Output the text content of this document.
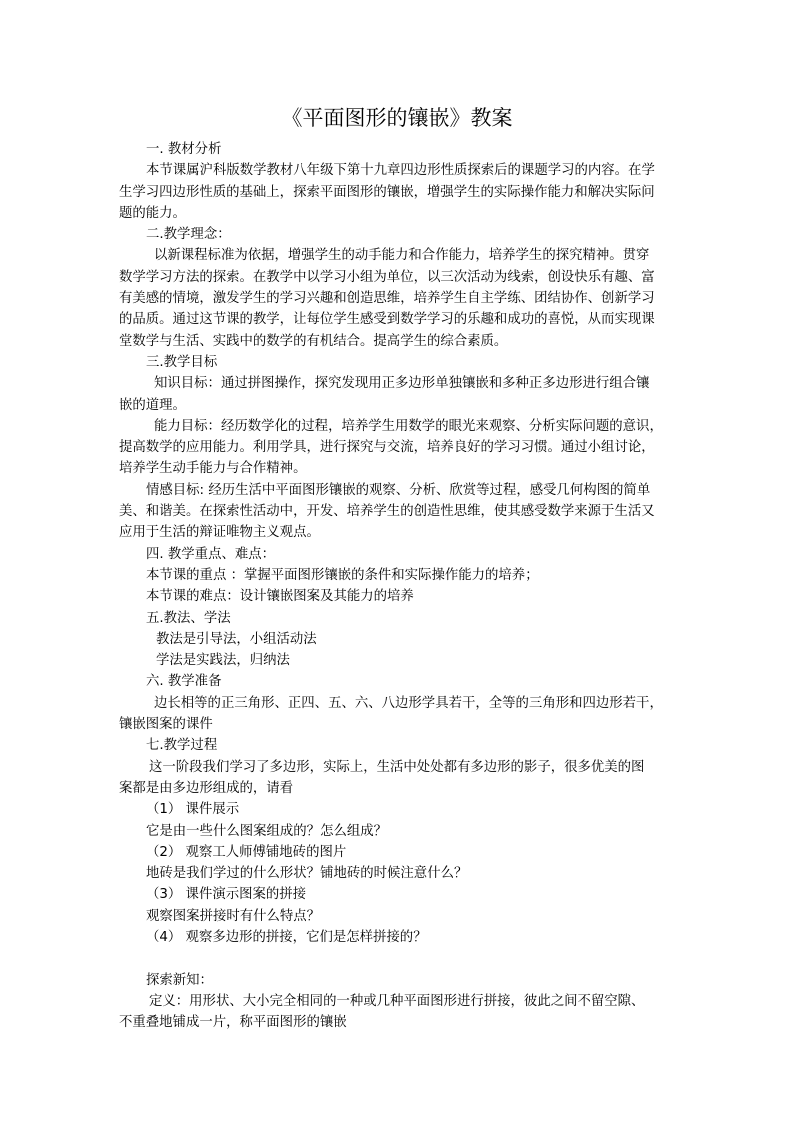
《平面图形的镶嵌》教案

一. 教材分析

本节课属沪科版数学教材八年级下第十九章四边形性质探索后的课题学习的内容。在学

生学习四边形性质的基础上，探索平面图形的镶嵌，增强学生的实际操作能力和解决实际问

题的能力。

二.教学理念：

以新课程标准为依据，增强学生的动手能力和合作能力，培养学生的探究精神。贯穿

数学学习方法的探索。在教学中以学习小组为单位，以三次活动为线索，创设快乐有趣、富

有美感的情境，激发学生的学习兴趣和创造思维，培养学生自主学练、团结协作、创新学习

的品质。通过这节课的教学，让每位学生感受到数学学习的乐趣和成功的喜悦，从而实现课

堂数学与生活、实践中的数学的有机结合。提高学生的综合素质。

三.教学目标

知识目标：通过拼图操作，探究发现用正多边形单独镶嵌和多种正多边形进行组合镶

嵌的道理。

能力目标：经历数学化的过程，培养学生用数学的眼光来观察、分析实际问题的意识，

提高数学的应用能力。利用学具，进行探究与交流，培养良好的学习习惯。通过小组讨论，

培养学生动手能力与合作精神。

情感目标: 经历生活中平面图形镶嵌的观察、分析、欣赏等过程，感受几何构图的简单

美、和谐美。在探索性活动中，开发、培养学生的创造性思维，使其感受数学来源于生活又

应用于生活的辩证唯物主义观点。

四. 教学重点、难点：

本节课的重点 ：掌握平面图形镶嵌的条件和实际操作能力的培养；

本节课的难点：设计镶嵌图案及其能力的培养

五.教法、学法

教法是引导法，小组活动法

学法是实践法，归纳法

六. 教学准备

边长相等的正三角形、正四、五、六、八边形学具若干，全等的三角形和四边形若干，

镶嵌图案的课件

七.教学过程

这一阶段我们学习了多边形，实际上，生活中处处都有多边形的影子，很多优美的图

案都是由多边形组成的，请看

（1） 课件展示

它是由一些什么图案组成的？怎么组成？

（2） 观察工人师傅铺地砖的图片

地砖是我们学过的什么形状？铺地砖的时候注意什么？

（3） 课件演示图案的拼接

观察图案拼接时有什么特点？

（4） 观察多边形的拼接，它们是怎样拼接的？

探索新知：

定义：用形状、大小完全相同的一种或几种平面图形进行拼接，彼此之间不留空隙、

不重叠地铺成一片，称平面图形的镶嵌
